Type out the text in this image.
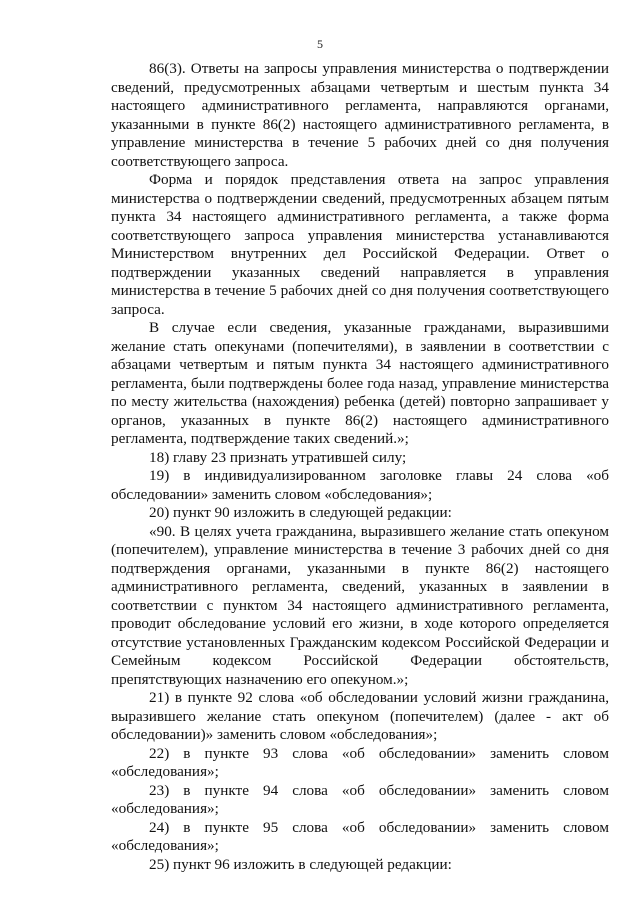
5

86(3). Ответы на запросы управления министерства о подтверждении сведений, предусмотренных абзацами четвертым и шестым пункта 34 настоящего административного регламента, направляются органами, указанными в пункте 86(2) настоящего административного регламента, в управление министерства в течение 5 рабочих дней со дня получения соответствующего запроса.

Форма и порядок представления ответа на запрос управления министерства о подтверждении сведений, предусмотренных абзацем пятым пункта 34 настоящего административного регламента, а также форма соответствующего запроса управления министерства устанавливаются Министерством внутренних дел Российской Федерации. Ответ о подтверждении указанных сведений направляется в управления министерства в течение 5 рабочих дней со дня получения соответствующего запроса.

В случае если сведения, указанные гражданами, выразившими желание стать опекунами (попечителями), в заявлении в соответствии с абзацами четвертым и пятым пункта 34 настоящего административного регламента, были подтверждены более года назад, управление министерства по месту жительства (нахождения) ребенка (детей) повторно запрашивает у органов, указанных в пункте 86(2) настоящего административного регламента, подтверждение таких сведений.»;

18) главу 23 признать утратившей силу;

19) в индивидуализированном заголовке главы 24 слова «об обследовании» заменить словом «обследования»;

20) пункт 90 изложить в следующей редакции:

«90. В целях учета гражданина, выразившего желание стать опекуном (попечителем), управление министерства в течение 3 рабочих дней со дня подтверждения органами, указанными в пункте 86(2) настоящего административного регламента, сведений, указанных в заявлении в соответствии с пунктом 34 настоящего административного регламента, проводит обследование условий его жизни, в ходе которого определяется отсутствие установленных Гражданским кодексом Российской Федерации и Семейным кодексом Российской Федерации обстоятельств, препятствующих назначению его опекуном.»;

21) в пункте 92 слова «об обследовании условий жизни гражданина, выразившего желание стать опекуном (попечителем) (далее - акт об обследовании)» заменить словом «обследования»;

22) в пункте 93 слова «об обследовании» заменить словом «обследования»;

23) в пункте 94 слова «об обследовании» заменить словом «обследования»;

24) в пункте 95 слова «об обследовании» заменить словом «обследования»;

25) пункт 96 изложить в следующей редакции:
